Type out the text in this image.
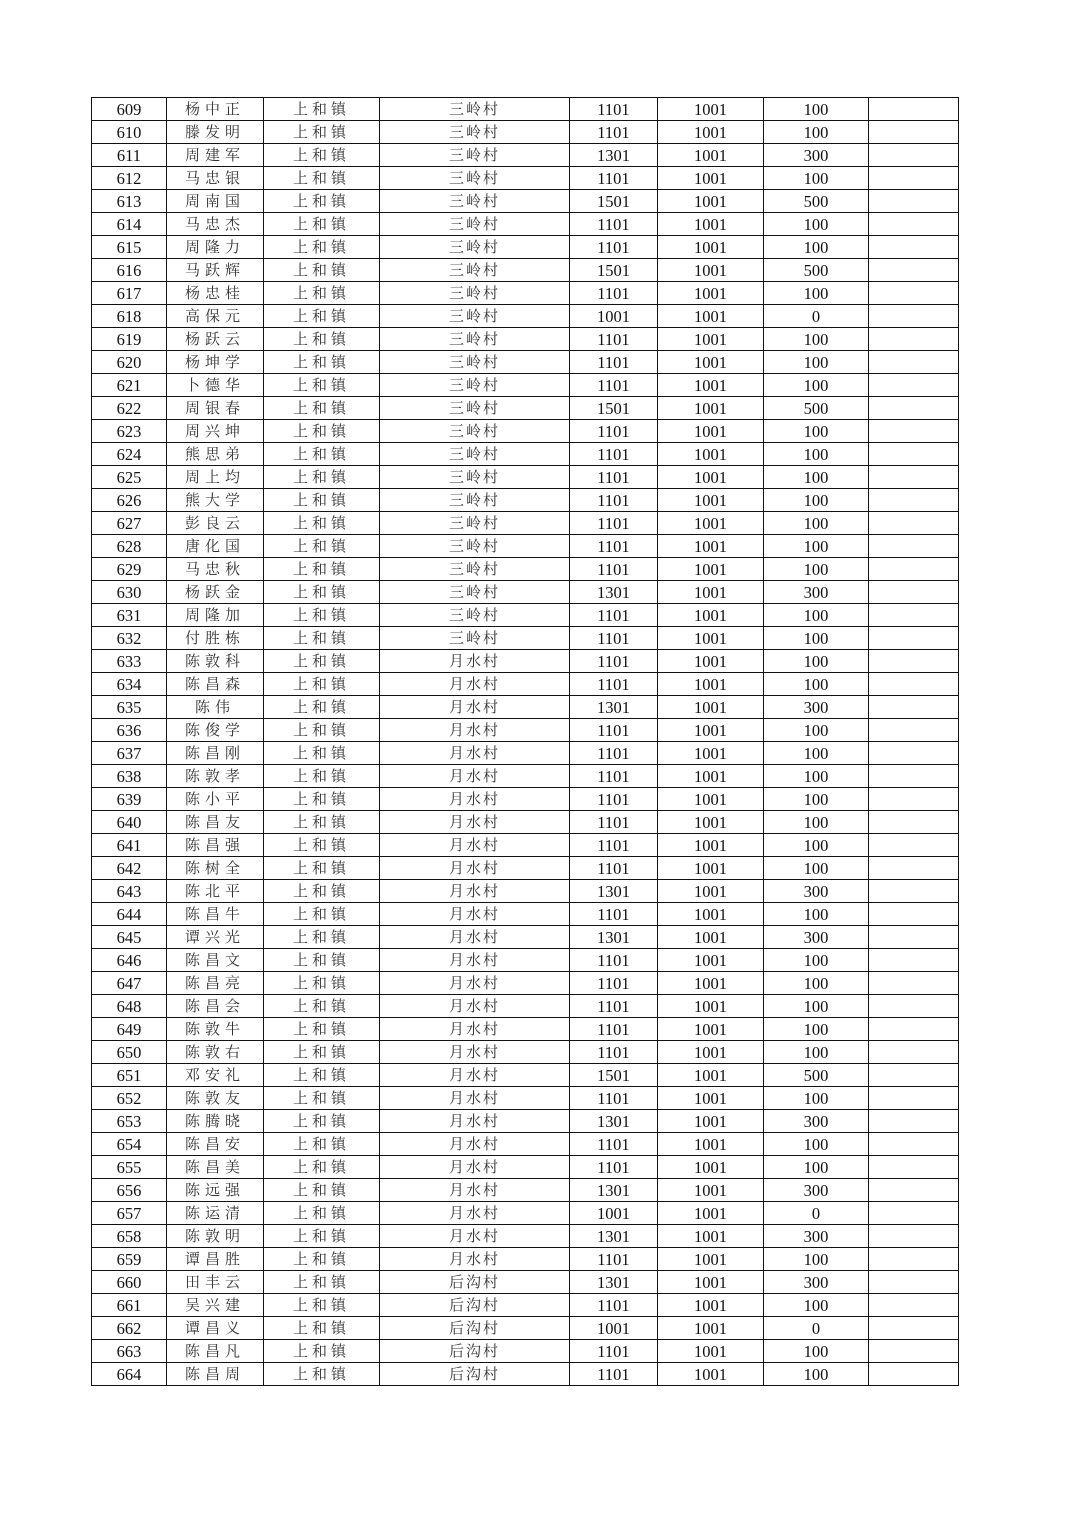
609	杨中正	上和镇	三岭村	1101	1001	100	
610	滕发明	上和镇	三岭村	1101	1001	100	
611	周建军	上和镇	三岭村	1301	1001	300	
612	马忠银	上和镇	三岭村	1101	1001	100	
613	周南国	上和镇	三岭村	1501	1001	500	
614	马忠杰	上和镇	三岭村	1101	1001	100	
615	周隆力	上和镇	三岭村	1101	1001	100	
616	马跃辉	上和镇	三岭村	1501	1001	500	
617	杨忠桂	上和镇	三岭村	1101	1001	100	
618	高保元	上和镇	三岭村	1001	1001	0	
619	杨跃云	上和镇	三岭村	1101	1001	100	
620	杨坤学	上和镇	三岭村	1101	1001	100	
621	卜德华	上和镇	三岭村	1101	1001	100	
622	周银春	上和镇	三岭村	1501	1001	500	
623	周兴坤	上和镇	三岭村	1101	1001	100	
624	熊思弟	上和镇	三岭村	1101	1001	100	
625	周上均	上和镇	三岭村	1101	1001	100	
626	熊大学	上和镇	三岭村	1101	1001	100	
627	彭良云	上和镇	三岭村	1101	1001	100	
628	唐化国	上和镇	三岭村	1101	1001	100	
629	马忠秋	上和镇	三岭村	1101	1001	100	
630	杨跃金	上和镇	三岭村	1301	1001	300	
631	周隆加	上和镇	三岭村	1101	1001	100	
632	付胜栋	上和镇	三岭村	1101	1001	100	
633	陈敦科	上和镇	月水村	1101	1001	100	
634	陈昌森	上和镇	月水村	1101	1001	100	
635	陈伟	上和镇	月水村	1301	1001	300	
636	陈俊学	上和镇	月水村	1101	1001	100	
637	陈昌刚	上和镇	月水村	1101	1001	100	
638	陈敦孝	上和镇	月水村	1101	1001	100	
639	陈小平	上和镇	月水村	1101	1001	100	
640	陈昌友	上和镇	月水村	1101	1001	100	
641	陈昌强	上和镇	月水村	1101	1001	100	
642	陈树全	上和镇	月水村	1101	1001	100	
643	陈北平	上和镇	月水村	1301	1001	300	
644	陈昌牛	上和镇	月水村	1101	1001	100	
645	谭兴光	上和镇	月水村	1301	1001	300	
646	陈昌文	上和镇	月水村	1101	1001	100	
647	陈昌亮	上和镇	月水村	1101	1001	100	
648	陈昌会	上和镇	月水村	1101	1001	100	
649	陈敦牛	上和镇	月水村	1101	1001	100	
650	陈敦右	上和镇	月水村	1101	1001	100	
651	邓安礼	上和镇	月水村	1501	1001	500	
652	陈敦友	上和镇	月水村	1101	1001	100	
653	陈腾晓	上和镇	月水村	1301	1001	300	
654	陈昌安	上和镇	月水村	1101	1001	100	
655	陈昌美	上和镇	月水村	1101	1001	100	
656	陈远强	上和镇	月水村	1301	1001	300	
657	陈运清	上和镇	月水村	1001	1001	0	
658	陈敦明	上和镇	月水村	1301	1001	300	
659	谭昌胜	上和镇	月水村	1101	1001	100	
660	田丰云	上和镇	后沟村	1301	1001	300	
661	吴兴建	上和镇	后沟村	1101	1001	100	
662	谭昌义	上和镇	后沟村	1001	1001	0	
663	陈昌凡	上和镇	后沟村	1101	1001	100	
664	陈昌周	上和镇	后沟村	1101	1001	100	
